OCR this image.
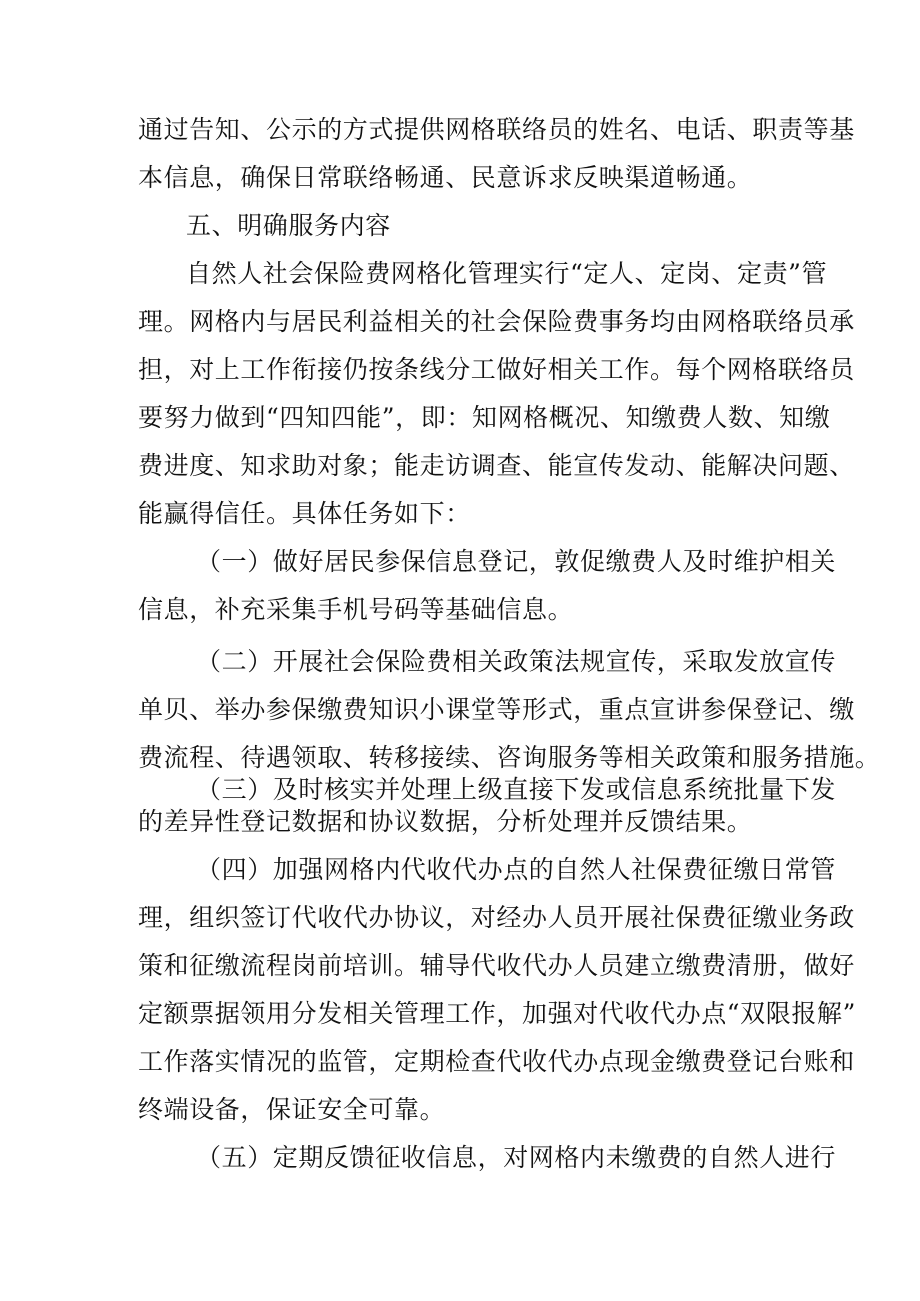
通过告知、公示的方式提供网格联络员的姓名、电话、职责等基
本信息，确保日常联络畅通、民意诉求反映渠道畅通。
五、明确服务内容
自然人社会保险费网格化管理实行“定人、定岗、定责”管
理。网格内与居民利益相关的社会保险费事务均由网格联络员承
担，对上工作衔接仍按条线分工做好相关工作。每个网格联络员
要努力做到“四知四能”，即：知网格概况、知缴费人数、知缴
费进度、知求助对象；能走访调查、能宣传发动、能解决问题、
能赢得信任。具体任务如下：
（一）做好居民参保信息登记，敦促缴费人及时维护相关
信息，补充采集手机号码等基础信息。
（二）开展社会保险费相关政策法规宣传，采取发放宣传
单贝、举办参保缴费知识小课堂等形式，重点宣讲参保登记、缴
费流程、待遇领取、转移接续、咨询服务等相关政策和服务措施。
（三）及时核实并处理上级直接下发或信息系统批量下发
的差异性登记数据和协议数据，分析处理并反馈结果。
（四）加强网格内代收代办点的自然人社保费征缴日常管
理，组织签订代收代办协议，对经办人员开展社保费征缴业务政
策和征缴流程岗前培训。辅导代收代办人员建立缴费清册，做好
定额票据领用分发相关管理工作，加强对代收代办点“双限报解”
工作落实情况的监管，定期检查代收代办点现金缴费登记台账和
终端设备，保证安全可靠。
（五）定期反馈征收信息，对网格内未缴费的自然人进行
